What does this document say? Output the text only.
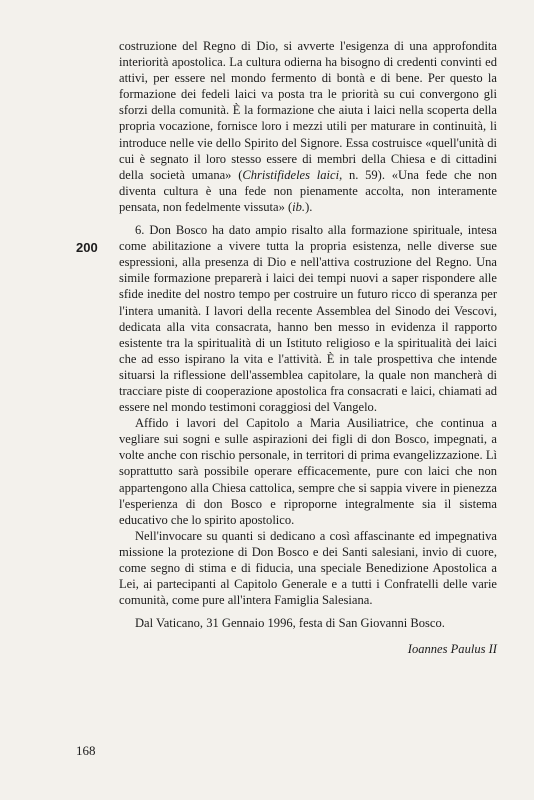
costruzione del Regno di Dio, si avverte l'esigenza di una approfondita interiorità apostolica. La cultura odierna ha bisogno di credenti convinti ed attivi, per essere nel mondo fermento di bontà e di bene. Per questo la formazione dei fedeli laici va posta tra le priorità su cui convergono gli sforzi della comunità. È la formazione che aiuta i laici nella scoperta della propria vocazione, fornisce loro i mezzi utili per maturare in continuità, li introduce nelle vie dello Spirito del Signore. Essa costruisce «quell'unità di cui è segnato il loro stesso essere di membri della Chiesa e di cittadini della società umana» (Christifideles laici, n. 59). «Una fede che non diventa cultura è una fede non pienamente accolta, non interamente pensata, non fedelmente vissuta» (ib.).

6. Don Bosco ha dato ampio risalto alla formazione spirituale, intesa come abilitazione a vivere tutta la propria esistenza, nelle diverse sue espressioni, alla presenza di Dio e nell'attiva costruzione del Regno. Una simile formazione preparerà i laici dei tempi nuovi a saper rispondere alle sfide inedite del nostro tempo per costruire un futuro ricco di speranza per l'intera umanità. I lavori della recente Assemblea del Sinodo dei Vescovi, dedicata alla vita consacrata, hanno ben messo in evidenza il rapporto esistente tra la spiritualità di un Istituto religioso e la spiritualità dei laici che ad esso ispirano la vita e l'attività. È in tale prospettiva che intende situarsi la riflessione dell'assemblea capitolare, la quale non mancherà di tracciare piste di cooperazione apostolica fra consacrati e laici, chiamati ad essere nel mondo testimoni coraggiosi del Vangelo.

Affido i lavori del Capitolo a Maria Ausiliatrice, che continua a vegliare sui sogni e sulle aspirazioni dei figli di don Bosco, impegnati, a volte anche con rischio personale, in territori di prima evangelizzazione. Lì soprattutto sarà possibile operare efficacemente, pure con laici che non appartengono alla Chiesa cattolica, sempre che si sappia vivere in pienezza l'esperienza di don Bosco e riproporne integralmente sia il sistema educativo che lo spirito apostolico.

Nell'invocare su quanti si dedicano a così affascinante ed impegnativa missione la protezione di Don Bosco e dei Santi salesiani, invio di cuore, come segno di stima e di fiducia, una speciale Benedizione Apostolica a Lei, ai partecipanti al Capitolo Generale e a tutti i Confratelli delle varie comunità, come pure all'intera Famiglia Salesiana.

200
Dal Vaticano, 31 Gennaio 1996, festa di San Giovanni Bosco.
Ioannes Paulus II
168
